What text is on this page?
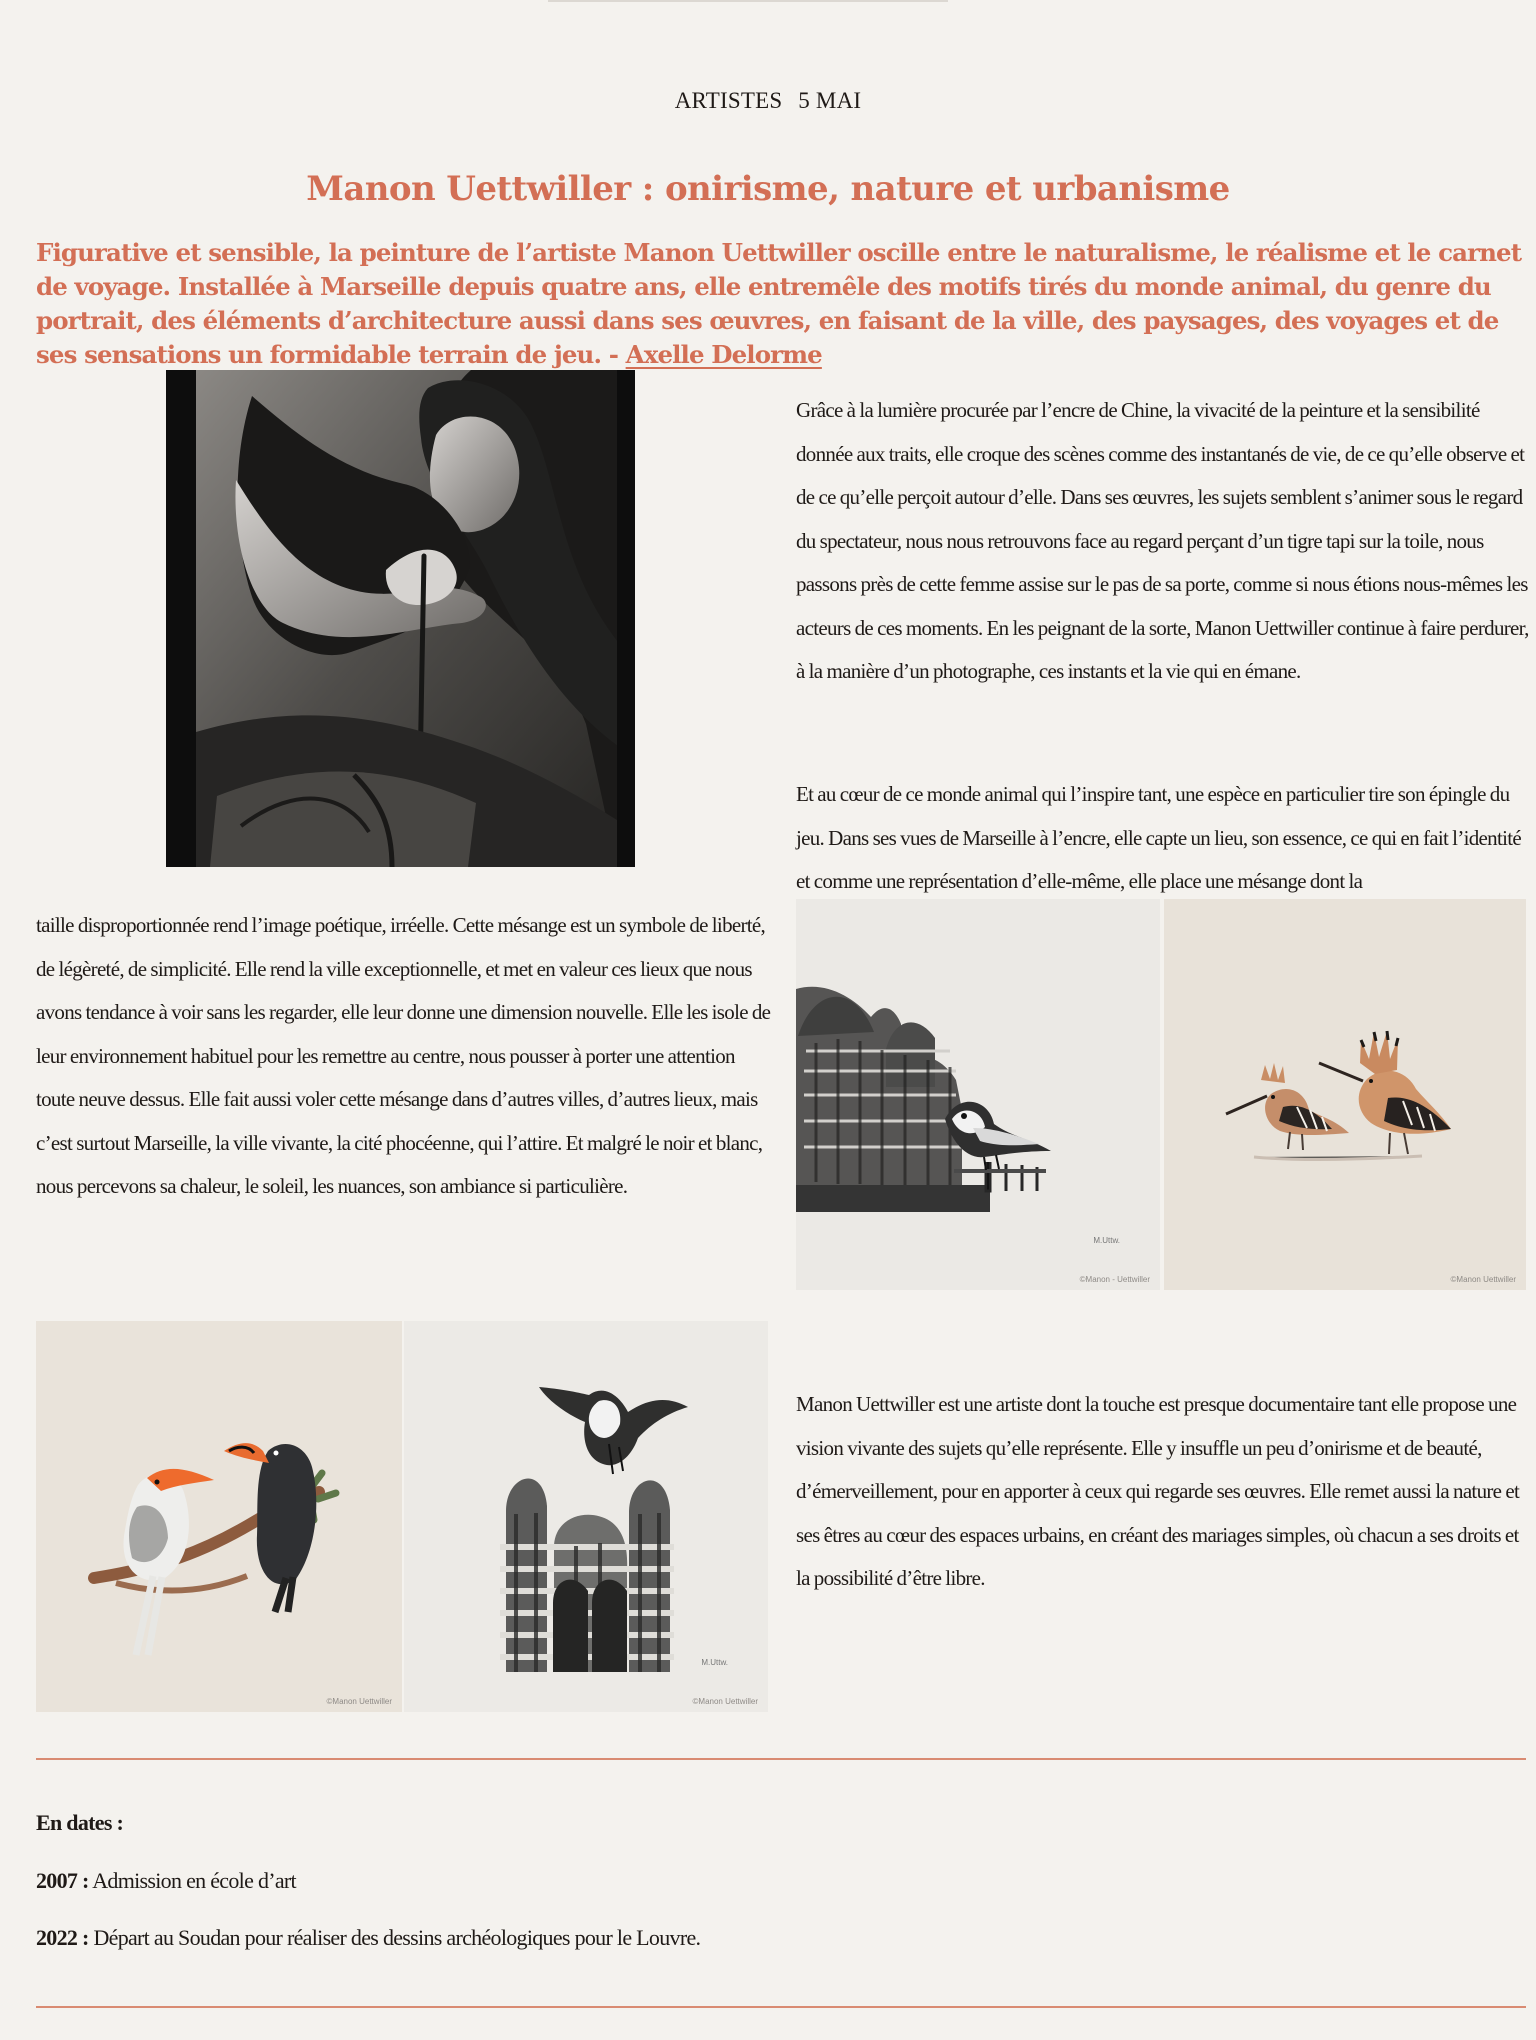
ARTISTES 5 MAI
Manon Uettwiller : onirisme, nature et urbanisme
Figurative et sensible, la peinture de l’artiste Manon Uettwiller oscille entre le naturalisme, le réalisme et le carnet de voyage. Installée à Marseille depuis quatre ans, elle entremêle des motifs tirés du monde animal, du genre du portrait, des éléments d’architecture aussi dans ses œuvres, en faisant de la ville, des paysages, des voyages et de ses sensations un formidable terrain de jeu. - Axelle Delorme

Grâce à la lumière procurée par l’encre de Chine, la vivacité de la peinture et la sensibilité donnée aux traits, elle croque des scènes comme des instantanés de vie, de ce qu’elle observe et de ce qu’elle perçoit autour d’elle. Dans ses œuvres, les sujets semblent s’animer sous le regard du spectateur, nous nous retrouvons face au regard perçant d’un tigre tapi sur la toile, nous passons près de cette femme assise sur le pas de sa porte, comme si nous étions nous-mêmes les acteurs de ces moments. En les peignant de la sorte, Manon Uettwiller continue à faire perdurer, à la manière d’un photographe, ces instants et la vie qui en émane.

Et au cœur de ce monde animal qui l’inspire tant, une espèce en particulier tire son épingle du jeu. Dans ses vues de Marseille à l’encre, elle capte un lieu, son essence, ce qui en fait l’identité et comme une représentation d’elle-même, elle place une mésange dont la

taille disproportionnée rend l’image poétique, irréelle. Cette mésange est un symbole de liberté, de légèreté, de simplicité. Elle rend la ville exceptionnelle, et met en valeur ces lieux que nous avons tendance à voir sans les regarder, elle leur donne une dimension nouvelle. Elle les isole de leur environnement habituel pour les remettre au centre, nous pousser à porter une attention toute neuve dessus. Elle fait aussi voler cette mésange dans d’autres villes, d’autres lieux, mais c’est surtout Marseille, la ville vivante, la cité phocéenne, qui l’attire. Et malgré le noir et blanc, nous percevons sa chaleur, le soleil, les nuances, son ambiance si particulière.

M.Uttw.
©Manon - Uettwiller	©Manon Uettwiller
©Manon Uettwiller
M.Uttw.
©Manon Uettwiller

Manon Uettwiller est une artiste dont la touche est presque documentaire tant elle propose une vision vivante des sujets qu’elle représente. Elle y insuffle un peu d’onirisme et de beauté, d’émerveillement, pour en apporter à ceux qui regarde ses œuvres. Elle remet aussi la nature et ses êtres au cœur des espaces urbains, en créant des mariages simples, où chacun a ses droits et la possibilité d’être libre.

En dates :
2007 : Admission en école d’art
2022 : Départ au Soudan pour réaliser des dessins archéologiques pour le Louvre.
